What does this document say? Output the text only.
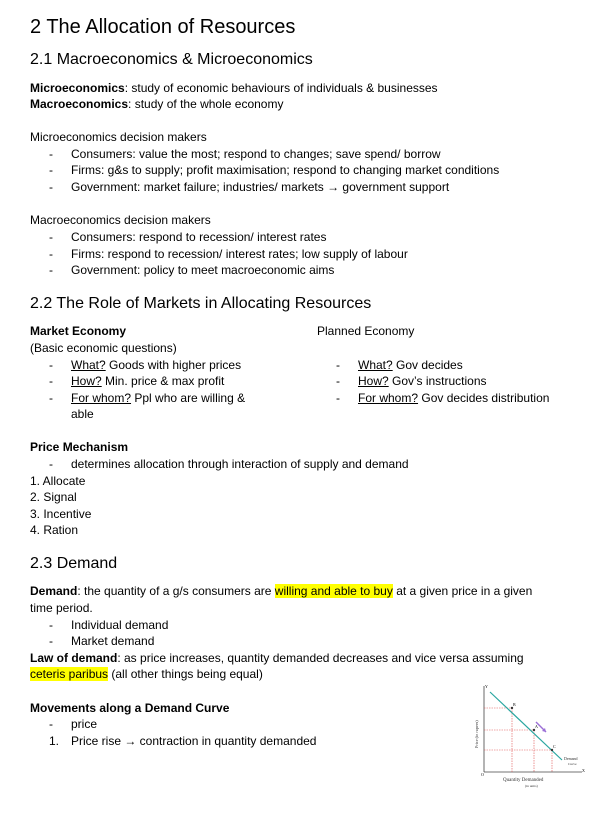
2 The Allocation of Resources
2.1 Macroeconomics & Microeconomics
Microeconomics: study of economic behaviours of individuals & businesses
Macroeconomics: study of the whole economy
Microeconomics decision makers
- Consumers: value the most; respond to changes; save spend/ borrow
- Firms: g&s to supply; profit maximisation; respond to changing market conditions
- Government: market failure; industries/ markets → government support
Macroeconomics decision makers
- Consumers: respond to recession/ interest rates
- Firms: respond to recession/ interest rates; low supply of labour
- Government: policy to meet macroeconomic aims
2.2 The Role of Markets in Allocating Resources
Market Economy
(Basic economic questions)
- What? Goods with higher prices
- How? Min. price & max profit
- For whom? Ppl who are willing &
able
Planned Economy
- What? Gov decides
- How? Gov’s instructions
- For whom? Gov decides distribution
Price Mechanism
- determines allocation through interaction of supply and demand
1. Allocate
2. Signal
3. Incentive
4. Ration
2.3 Demand
Demand: the quantity of a g/s consumers are willing and able to buy at a given price in a given
time period.
- Individual demand
- Market demand
Law of demand: as price increases, quantity demanded decreases and vice versa assuming
ceteris paribus (all other things being equal)
Movements along a Demand Curve
- price
1. Price rise → contraction in quantity demanded
Y
X
O
B
A
C
Price (in rupees)
Demand
Curve
Quantity Demanded
(in units)
